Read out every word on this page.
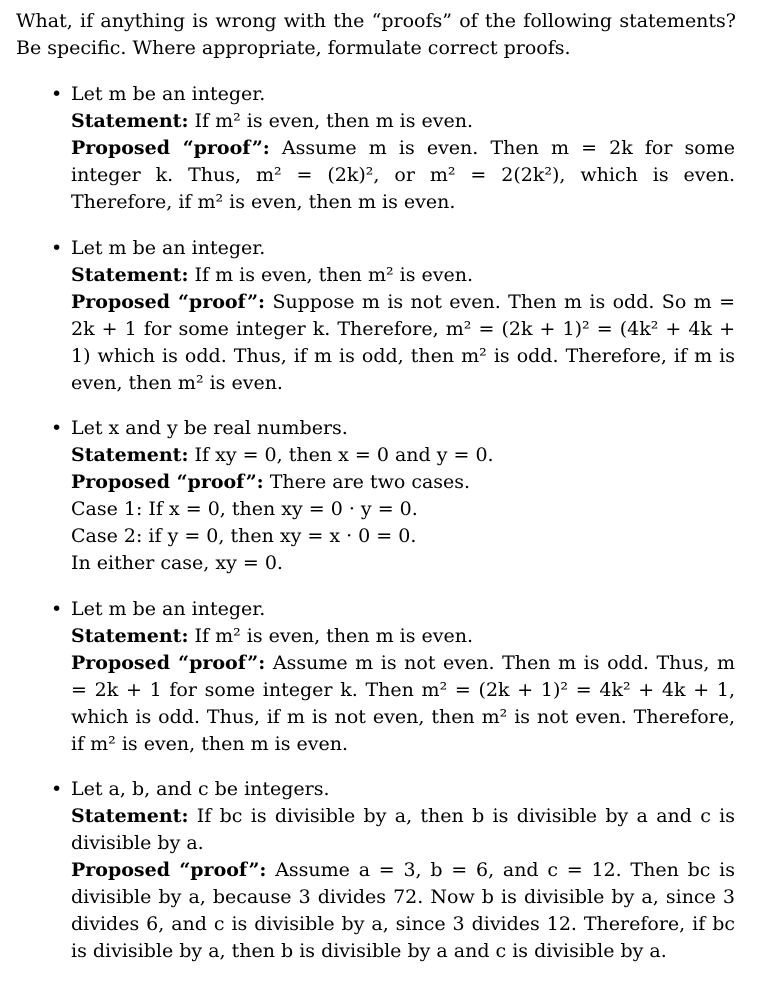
What, if anything is wrong with the “proofs” of the following statements? Be specific. Where appropriate, formulate correct proofs.

• Let m be an integer.
Statement: If m² is even, then m is even.
Proposed “proof”: Assume m is even. Then m = 2k for some integer k. Thus, m² = (2k)², or m² = 2(2k²), which is even. Therefore, if m² is even, then m is even.
• Let m be an integer.
Statement: If m is even, then m² is even.
Proposed “proof”: Suppose m is not even. Then m is odd. So m = 2k + 1 for some integer k. Therefore, m² = (2k + 1)² = (4k² + 4k + 1) which is odd. Thus, if m is odd, then m² is odd. Therefore, if m is even, then m² is even.
• Let x and y be real numbers.
Statement: If xy = 0, then x = 0 and y = 0.
Proposed “proof”: There are two cases.
Case 1: If x = 0, then xy = 0 · y = 0.
Case 2: if y = 0, then xy = x · 0 = 0.
In either case, xy = 0.
• Let m be an integer.
Statement: If m² is even, then m is even.
Proposed “proof”: Assume m is not even. Then m is odd. Thus, m = 2k + 1 for some integer k. Then m² = (2k + 1)² = 4k² + 4k + 1, which is odd. Thus, if m is not even, then m² is not even. Therefore, if m² is even, then m is even.
• Let a, b, and c be integers.
Statement: If bc is divisible by a, then b is divisible by a and c is divisible by a.
Proposed “proof”: Assume a = 3, b = 6, and c = 12. Then bc is divisible by a, because 3 divides 72. Now b is divisible by a, since 3 divides 6, and c is divisible by a, since 3 divides 12. Therefore, if bc is divisible by a, then b is divisible by a and c is divisible by a.
